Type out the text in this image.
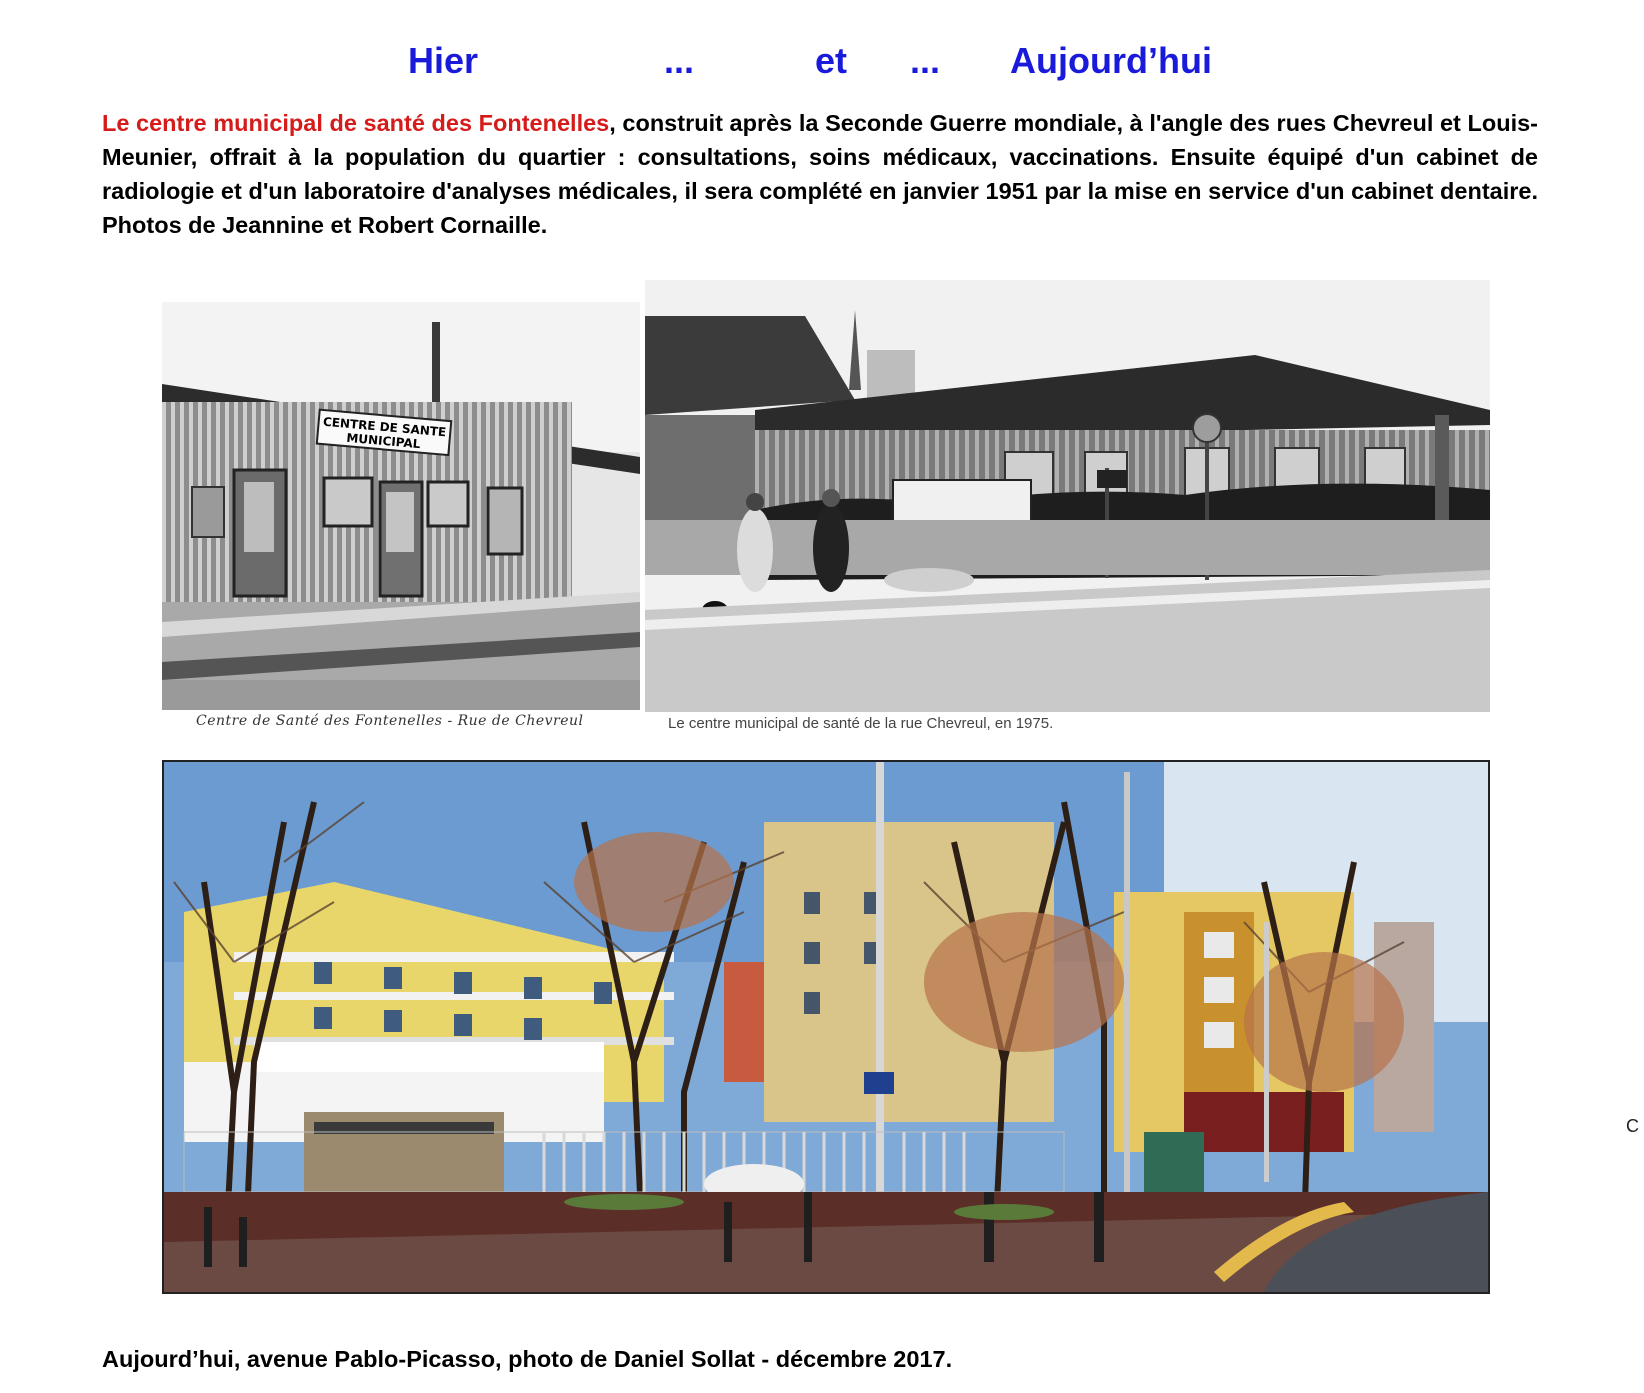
Hier	...	et ... Aujourd’hui

Le centre municipal de santé des Fontenelles, construit après la Seconde Guerre mondiale, à l'angle des rues Chevreul et Louis-Meunier, offrait à la population du quartier : consultations, soins médicaux, vaccinations. Ensuite équipé d'un cabinet de radiologie et d'un laboratoire d'analyses médicales, il sera complété en janvier 1951 par la mise en service d'un cabinet dentaire. Photos de Jeannine et Robert Cornaille.

CENTRE DE SANTE MUNICIPAL
Centre de Santé des Fontenelles - Rue de Chevreul	Le centre municipal de santé de la rue Chevreul, en 1975.
Aujourd’hui, avenue Pablo-Picasso, photo de Daniel Sollat - décembre 2017.
C
